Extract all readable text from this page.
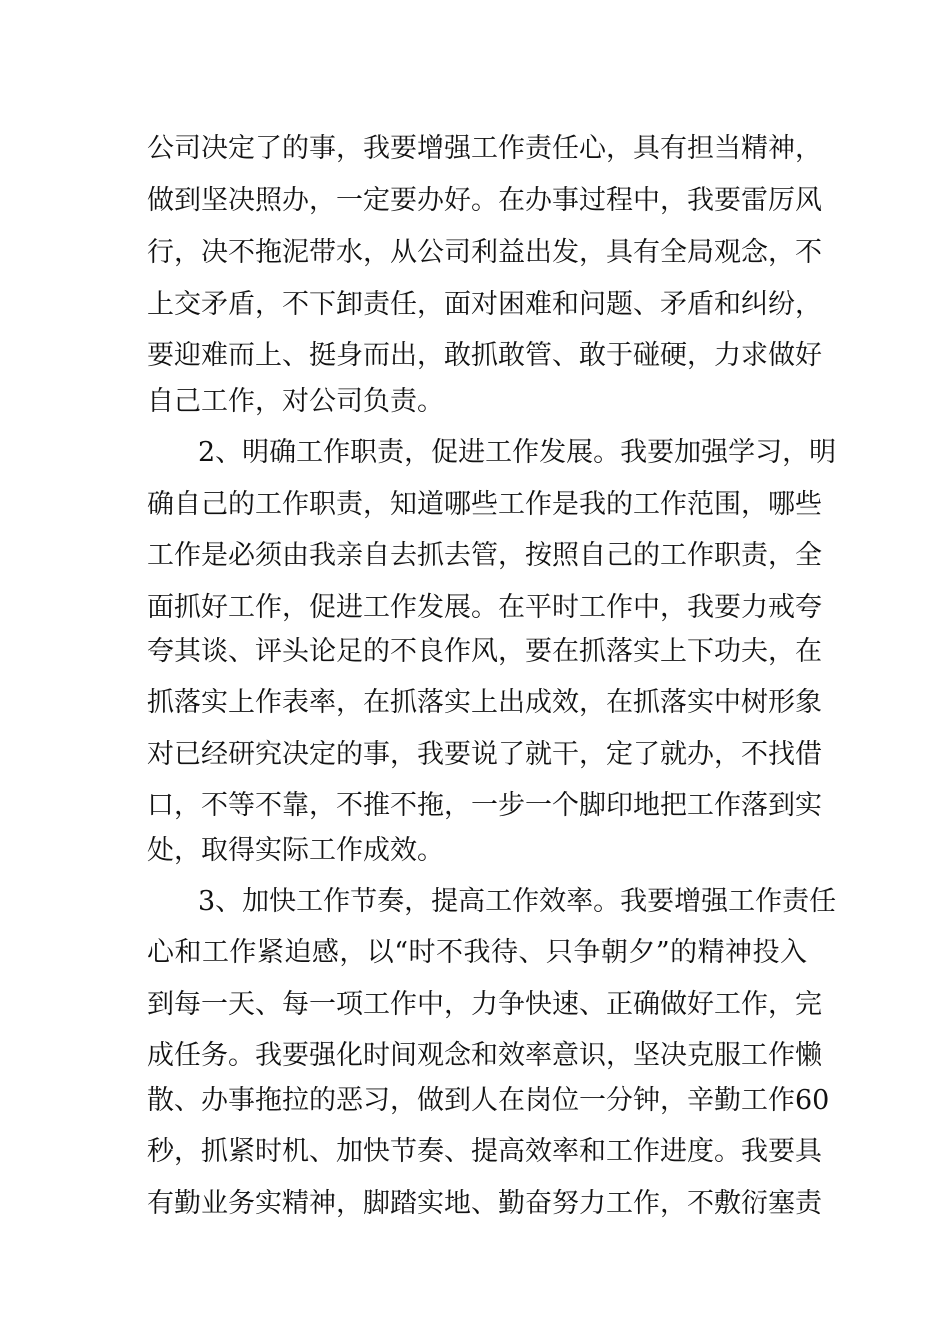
公司决定了的事，我要增强工作责任心，具有担当精神，
做到坚决照办，一定要办好。在办事过程中，我要雷厉风
行，决不拖泥带水，从公司利益出发，具有全局观念，不
上交矛盾，不下卸责任，面对困难和问题、矛盾和纠纷，
要迎难而上、挺身而出，敢抓敢管、敢于碰硬，力求做好
自己工作，对公司负责。
2、明确工作职责，促进工作发展。我要加强学习，明
确自己的工作职责，知道哪些工作是我的工作范围，哪些
工作是必须由我亲自去抓去管，按照自己的工作职责，全
面抓好工作，促进工作发展。在平时工作中，我要力戒夸
夸其谈、评头论足的不良作风，要在抓落实上下功夫，在
抓落实上作表率，在抓落实上出成效，在抓落实中树形象
对已经研究决定的事，我要说了就干，定了就办，不找借
口，不等不靠，不推不拖，一步一个脚印地把工作落到实
处，取得实际工作成效。
3、加快工作节奏，提高工作效率。我要增强工作责任
心和工作紧迫感，以“时不我待、只争朝夕”的精神投入
到每一天、每一项工作中，力争快速、正确做好工作，完
成任务。我要强化时间观念和效率意识，坚决克服工作懒
散、办事拖拉的恶习，做到人在岗位一分钟，辛勤工作60
秒，抓紧时机、加快节奏、提高效率和工作进度。我要具
有勤业务实精神，脚踏实地、勤奋努力工作，不敷衍塞责
